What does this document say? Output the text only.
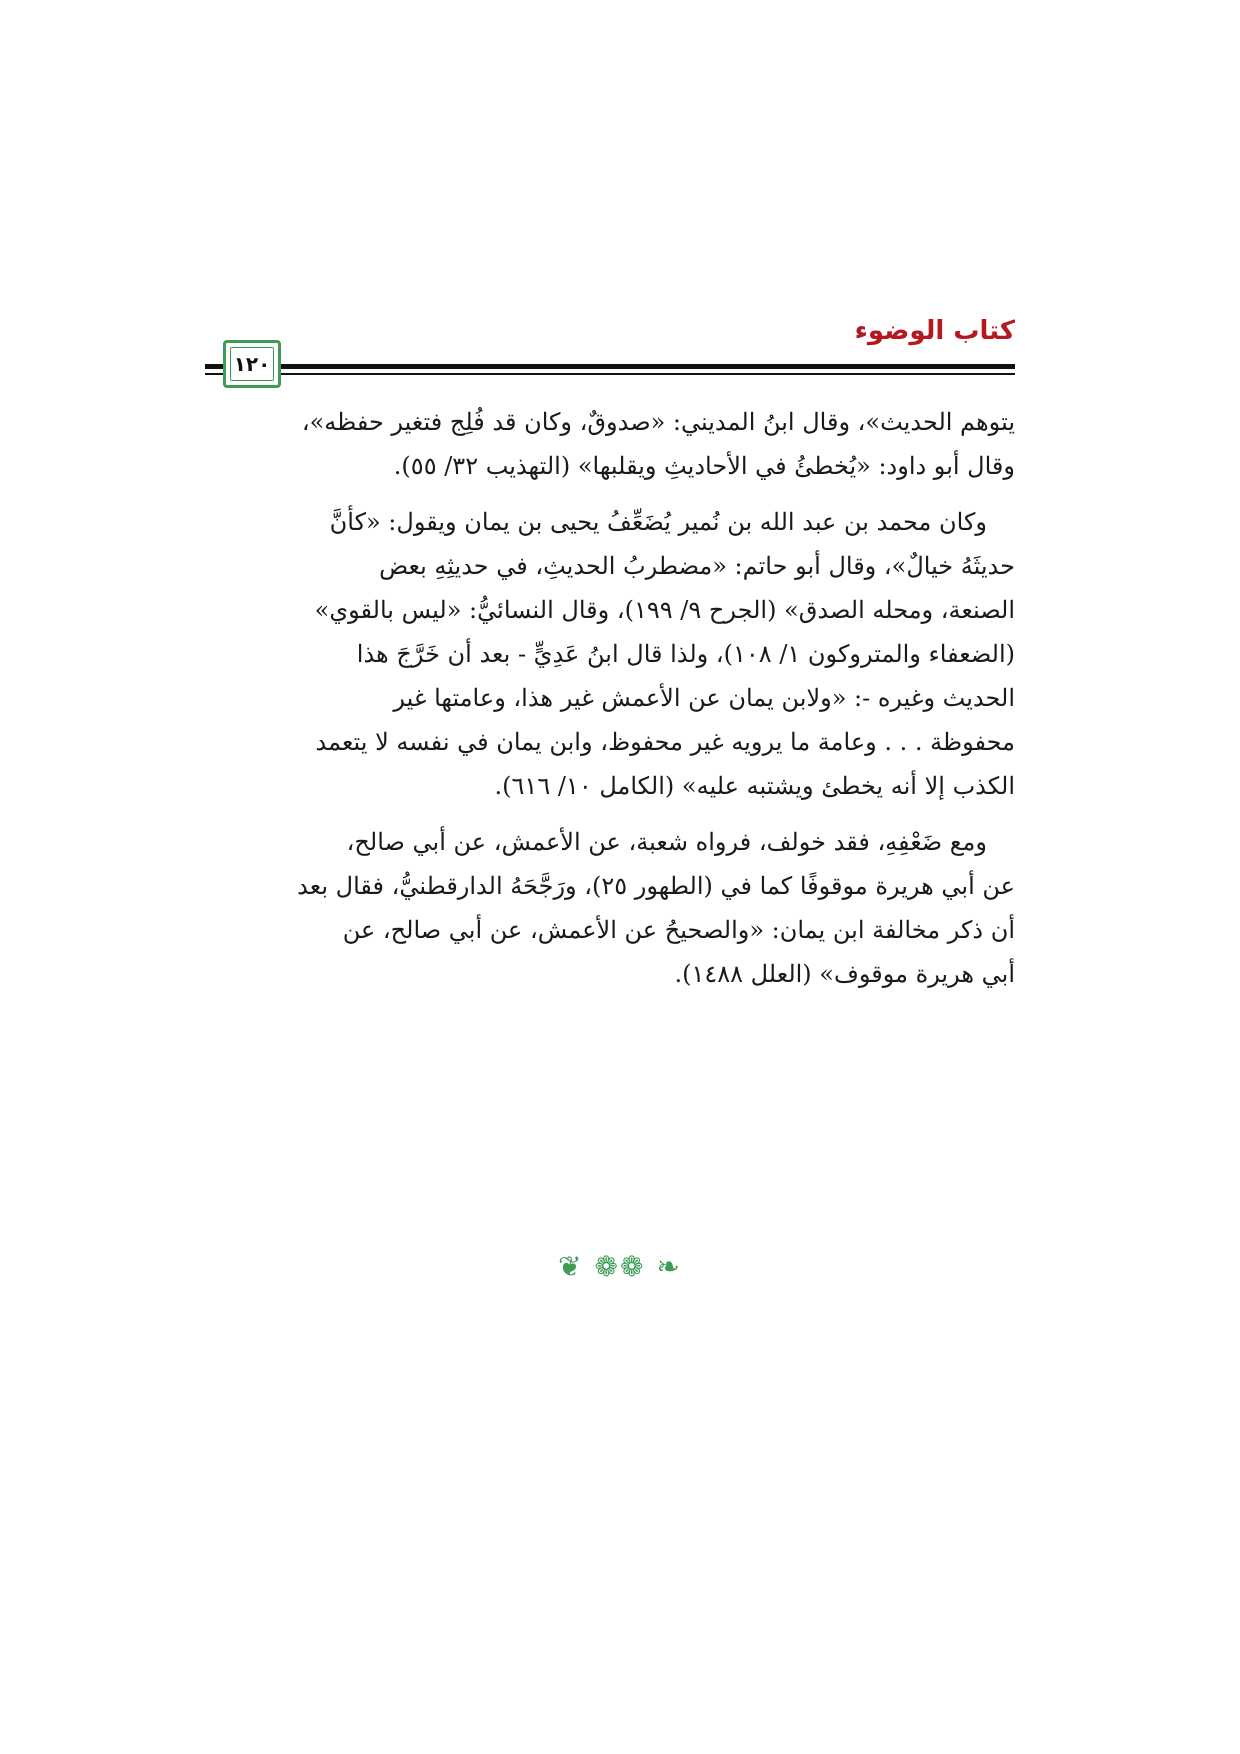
كتاب الوضوء
١٢٠

يتوهم الحديث»، وقال ابنُ المديني: «صدوقٌ، وكان قد فُلِج فتغير حفظه»،

وقال أبو داود: «يُخطئُ في الأحاديثِ ويقلبها» (التهذيب ٣٢/ ٥٥).

وكان محمد بن عبد الله بن نُمير يُضَعِّفُ يحيى بن يمان ويقول: «كأنَّ

حديثَهُ خيالٌ»، وقال أبو حاتم: «مضطربُ الحديثِ، في حديثِهِ بعض

الصنعة، ومحله الصدق» (الجرح ٩/ ١٩٩)، وقال النسائيُّ: «ليس بالقوي»

(الضعفاء والمتروكون ١/ ١٠٨)، ولذا قال ابنُ عَدِيٍّ - بعد أن خَرَّجَ هذا

الحديث وغيره -: «ولابن يمان عن الأعمش غير هذا، وعامتها غير

محفوظة . . . وعامة ما يرويه غير محفوظ، وابن يمان في نفسه لا يتعمد

الكذب إلا أنه يخطئ ويشتبه عليه» (الكامل ١٠/ ٦١٦).

ومع ضَعْفِهِ، فقد خولف، فرواه شعبة، عن الأعمش، عن أبي صالح،

عن أبي هريرة موقوفًا كما في (الطهور ٢٥)، ورَجَّحَهُ الدارقطنيُّ، فقال بعد

أن ذكر مخالفة ابن يمان: «والصحيحُ عن الأعمش، عن أبي صالح، عن

أبي هريرة موقوف» (العلل ١٤٨٨).

❦ ❁❁ ❧
